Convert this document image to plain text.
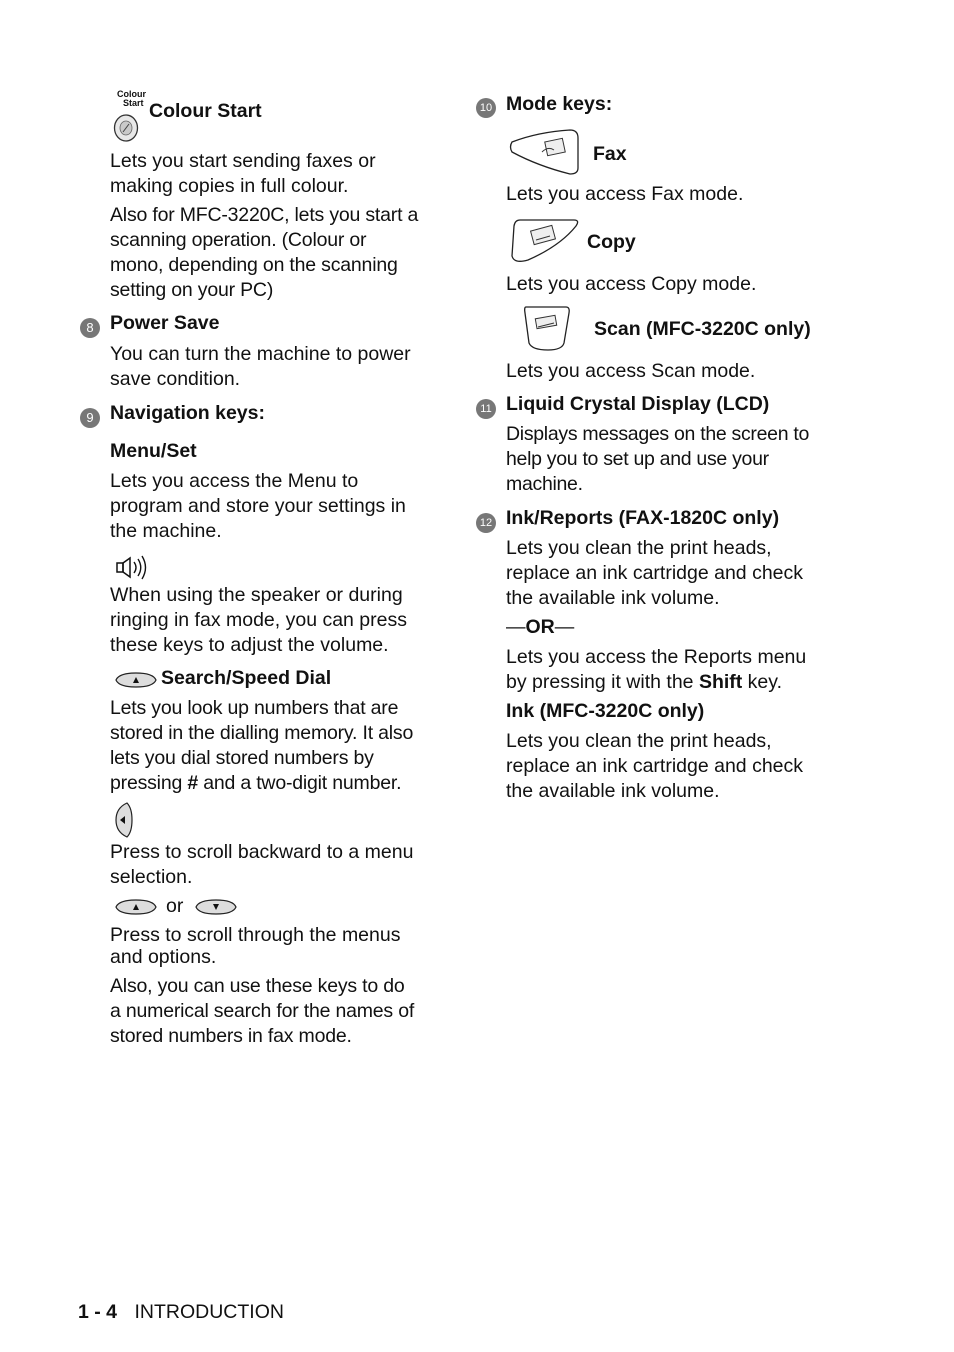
Colour
Start Colour Start
Lets you start sending faxes or
making copies in full colour.
Also for MFC-3220C, lets you start a
scanning operation. (Colour or
mono, depending on the scanning
setting on your PC)
8 Power Save
You can turn the machine to power
save condition.
9 Navigation keys:
Menu/Set
Lets you access the Menu to
program and store your settings in
the machine.
When using the speaker or during
ringing in fax mode, you can press
these keys to adjust the volume.
Search/Speed Dial
Lets you look up numbers that are
stored in the dialling memory. It also
lets you dial stored numbers by
pressing # and a two-digit number.
Press to scroll backward to a menu
selection.
or
Press to scroll through the menus
and options.
Also, you can use these keys to do
a numerical search for the names of
stored numbers in fax mode.
10 Mode keys:
Fax
Lets you access Fax mode.
Copy
Lets you access Copy mode.
Scan (MFC-3220C only)
Lets you access Scan mode.
11 Liquid Crystal Display (LCD)
Displays messages on the screen to
help you to set up and use your
machine.
12 Ink/Reports (FAX-1820C only)
Lets you clean the print heads,
replace an ink cartridge and check
the available ink volume.
—OR—
Lets you access the Reports menu
by pressing it with the Shift key.
Ink (MFC-3220C only)
Lets you clean the print heads,
replace an ink cartridge and check
the available ink volume.
1 - 4 INTRODUCTION
